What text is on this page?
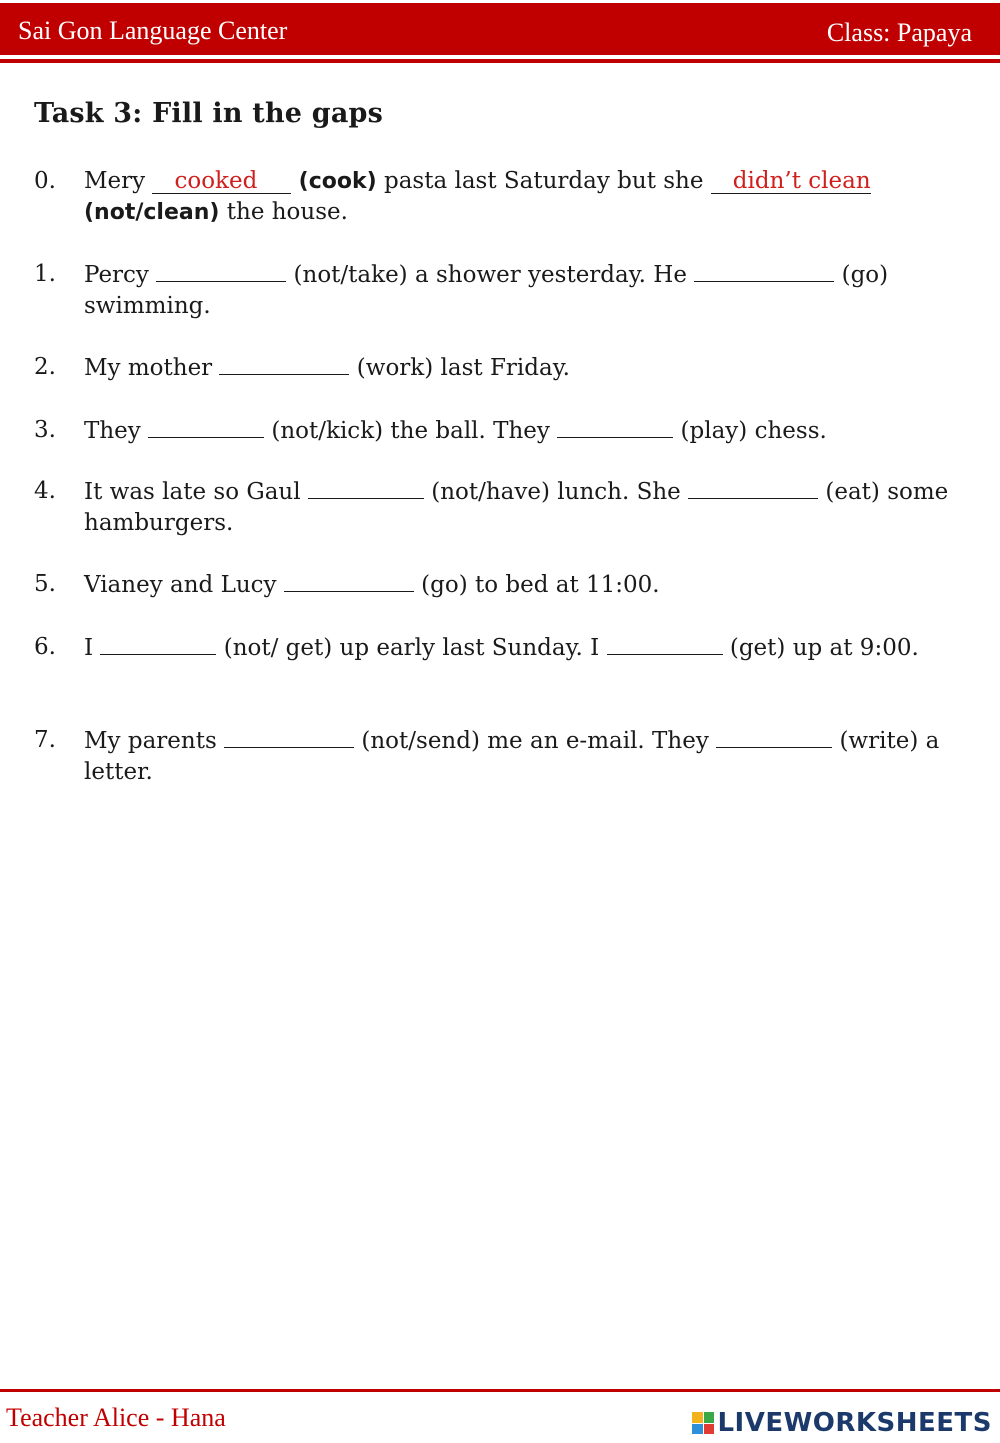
Sai Gon Language Center	Class: Papaya
Task 3: Fill in the gaps
0. Mery cooked (cook) pasta last Saturday but she didn’t clean
(not/clean) the house.
1. Percy	(not/take) a shower yesterday. He	(go) swimming.
2. My mother	(work) last Friday.
3. They	(not/kick) the ball. They	(play) chess.
4. It was late so Gaul	(not/have) lunch. She	(eat) some hamburgers.
5. Vianey and Lucy	(go) to bed at 11:00.
6. I	(not/ get) up early last Sunday. I	(get) up at 9:00.
7. My parents	(not/send) me an e-mail. They	(write) a letter.
Teacher Alice - Hana	LIVEWORKSHEETS
